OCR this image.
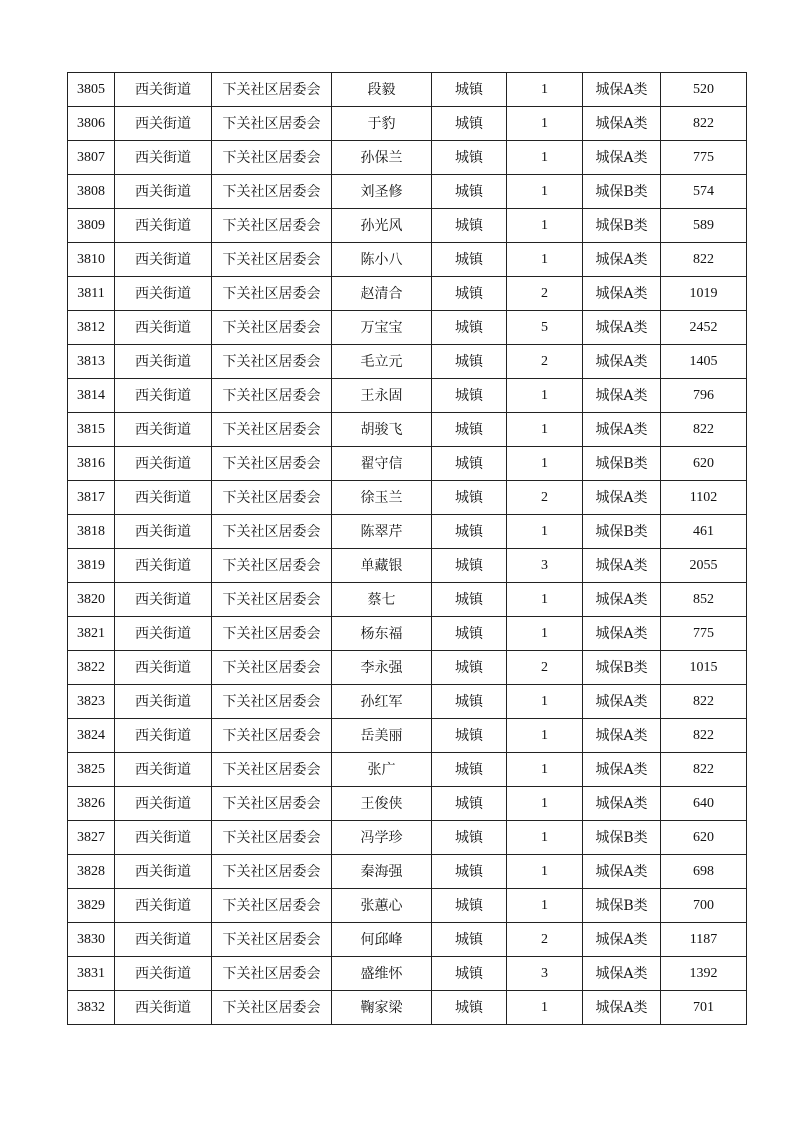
3805	西关街道	下关社区居委会	段毅	城镇	1	城保A类	520
3806	西关街道	下关社区居委会	于豹	城镇	1	城保A类	822
3807	西关街道	下关社区居委会	孙保兰	城镇	1	城保A类	775
3808	西关街道	下关社区居委会	刘圣修	城镇	1	城保B类	574
3809	西关街道	下关社区居委会	孙光风	城镇	1	城保B类	589
3810	西关街道	下关社区居委会	陈小八	城镇	1	城保A类	822
3811	西关街道	下关社区居委会	赵清合	城镇	2	城保A类	1019
3812	西关街道	下关社区居委会	万宝宝	城镇	5	城保A类	2452
3813	西关街道	下关社区居委会	毛立元	城镇	2	城保A类	1405
3814	西关街道	下关社区居委会	王永固	城镇	1	城保A类	796
3815	西关街道	下关社区居委会	胡骏飞	城镇	1	城保A类	822
3816	西关街道	下关社区居委会	翟守信	城镇	1	城保B类	620
3817	西关街道	下关社区居委会	徐玉兰	城镇	2	城保A类	1102
3818	西关街道	下关社区居委会	陈翠芹	城镇	1	城保B类	461
3819	西关街道	下关社区居委会	单藏银	城镇	3	城保A类	2055
3820	西关街道	下关社区居委会	蔡七	城镇	1	城保A类	852
3821	西关街道	下关社区居委会	杨东福	城镇	1	城保A类	775
3822	西关街道	下关社区居委会	李永强	城镇	2	城保B类	1015
3823	西关街道	下关社区居委会	孙红军	城镇	1	城保A类	822
3824	西关街道	下关社区居委会	岳美丽	城镇	1	城保A类	822
3825	西关街道	下关社区居委会	张广	城镇	1	城保A类	822
3826	西关街道	下关社区居委会	王俊侠	城镇	1	城保A类	640
3827	西关街道	下关社区居委会	冯学珍	城镇	1	城保B类	620
3828	西关街道	下关社区居委会	秦海强	城镇	1	城保A类	698
3829	西关街道	下关社区居委会	张蕙心	城镇	1	城保B类	700
3830	西关街道	下关社区居委会	何邱峰	城镇	2	城保A类	1187
3831	西关街道	下关社区居委会	盛维怀	城镇	3	城保A类	1392
3832	西关街道	下关社区居委会	鞠家梁	城镇	1	城保A类	701
